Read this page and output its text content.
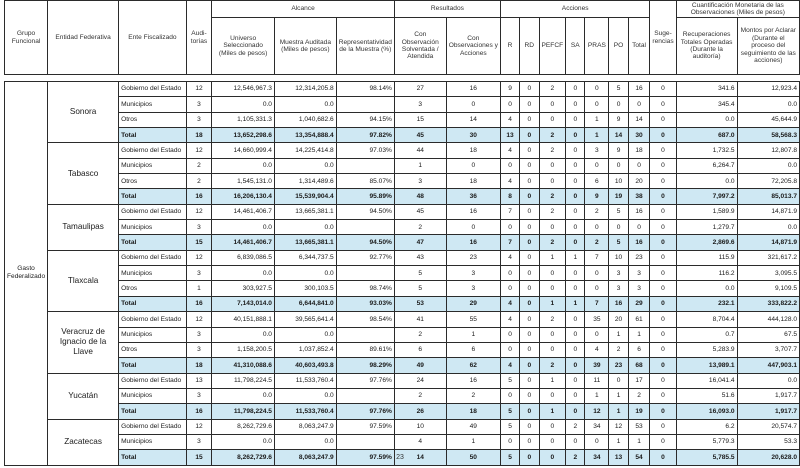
Grupo Funcional	Entidad Federativa	Ente Fiscalizado	Audi-torías	Alcance			Resultados		Acciones							Suge-rencias	Cuantificación Monetaria de las Observaciones (Miles de pesos)	
				Universo Seleccionado (Miles de pesos)	Muestra Auditada (Miles de pesos)	Representatividad de la Muestra (%)	Con Observación Solventada / Atendida	Con Observaciones y Acciones	R	RD	PEFCF	SA	PRAS	PO	Total		Recuperaciones Totales Operadas (Durante la auditoría)	Montos por Aclarar (Durante el proceso del seguimiento de las acciones)

Gasto Federalizado	Sonora	Gobierno del Estado	12	12,546,967.3	12,314,205.8	98.14%	27	16	9	0	2	0	0	5	16	0	341.6	12,923.4
		Municipios	3	0.0	0.0		3	0	0	0	0	0	0	0	0	0	345.4	0.0
		Otros	3	1,105,331.3	1,040,682.6	94.15%	15	14	4	0	0	0	1	9	14	0	0.0	45,644.9
		Total	18	13,652,298.6	13,354,888.4	97.82%	45	30	13	0	2	0	1	14	30	0	687.0	58,568.3
	Tabasco	Gobierno del Estado	12	14,660,999.4	14,225,414.8	97.03%	44	18	4	0	2	0	3	9	18	0	1,732.5	12,807.8
		Municipios	2	0.0	0.0		1	0	0	0	0	0	0	0	0	0	6,264.7	0.0
		Otros	2	1,545,131.0	1,314,489.6	85.07%	3	18	4	0	0	0	6	10	20	0	0.0	72,205.8
		Total	16	16,206,130.4	15,539,904.4	95.89%	48	36	8	0	2	0	9	19	38	0	7,997.2	85,013.7
	Tamaulipas	Gobierno del Estado	12	14,461,406.7	13,665,381.1	94.50%	45	16	7	0	2	0	2	5	16	0	1,589.9	14,871.9
		Municipios	3	0.0	0.0		2	0	0	0	0	0	0	0	0	0	1,279.7	0.0
		Total	15	14,461,406.7	13,665,381.1	94.50%	47	16	7	0	2	0	2	5	16	0	2,869.6	14,871.9
	Tlaxcala	Gobierno del Estado	12	6,839,086.5	6,344,737.5	92.77%	43	23	4	0	1	1	7	10	23	0	115.9	321,617.2
		Municipios	3	0.0	0.0		5	3	0	0	0	0	0	3	3	0	116.2	3,095.5
		Otros	1	303,927.5	300,103.5	98.74%	5	3	0	0	0	0	0	3	3	0	0.0	9,109.5
		Total	16	7,143,014.0	6,644,841.0	93.03%	53	29	4	0	1	1	7	16	29	0	232.1	333,822.2
	Veracruz de Ignacio de la Llave	Gobierno del Estado	12	40,151,888.1	39,565,641.4	98.54%	41	55	4	0	2	0	35	20	61	0	8,704.4	444,128.0
		Municipios	3	0.0	0.0		2	1	0	0	0	0	0	1	1	0	0.7	67.5
		Otros	3	1,158,200.5	1,037,852.4	89.61%	6	6	0	0	0	0	4	2	6	0	5,283.9	3,707.7
		Total	18	41,310,088.6	40,603,493.8	98.29%	49	62	4	0	2	0	39	23	68	0	13,989.1	447,903.1
	Yucatán	Gobierno del Estado	13	11,798,224.5	11,533,760.4	97.76%	24	16	5	0	1	0	11	0	17	0	16,041.4	0.0
		Municipios	3	0.0	0.0		2	2	0	0	0	0	1	1	2	0	51.6	1,917.7
		Total	16	11,798,224.5	11,533,760.4	97.76%	26	18	5	0	1	0	12	1	19	0	16,093.0	1,917.7
	Zacatecas	Gobierno del Estado	12	8,262,729.6	8,063,247.9	97.59%	10	49	5	0	0	2	34	12	53	0	6.2	20,574.7
		Municipios	3	0.0	0.0		4	1	0	0	0	0	0	1	1	0	5,779.3	53.3
		Total	15	8,262,729.6	8,063,247.9	97.59%	14	50	5	0	0	2	34	13	54	0	5,785.5	20,628.0
23
